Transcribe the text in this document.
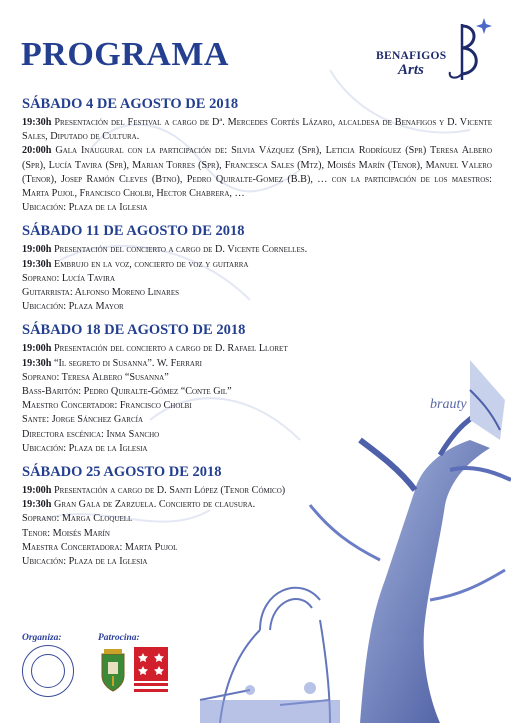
brauty
PROGRAMA	BENAFIGOS
Arts
SÁBADO 4 DE AGOSTO DE 2018
19:30h Presentación del Festival a cargo de Dª. Mercedes Cortés Lázaro, alcaldesa de Benafigos y D. Vicente Sales, Diputado de Cultura.
20:00h Gala Inaugural con la participación de: Silvia Vázquez (Spr), Leticia Rodríguez (Spr) Teresa Albero (Spr), Lucía Tavira (Spr), Marian Torres (Spr), Francesca Sales (Mtz), Moisés Marín (Tenor), Manuel Valero (Tenor), Josep Ramón Cleves (Btno), Pedro Quiralte-Gomez (B.B), … con la participación de los maestros: Marta Pujol, Francisco Cholbi, Hector Chabrera, …
Ubicación: Plaza de la Iglesia
SÁBADO 11 DE AGOSTO DE 2018
19:00h Presentación del concierto a cargo de D. Vicente Cornelles.
19:30h Embrujo en la voz, concierto de voz y guitarra
Soprano: Lucía Tavira
Guitarrista: Alfonso Moreno Linares
Ubicación: Plaza Mayor
SÁBADO 18 DE AGOSTO DE 2018
19:00h Presentación del concierto a cargo de D. Rafael Lloret
19:30h “Il segreto di Susanna”. W. Ferrari
Soprano: Teresa Albero “Susanna”
Bass-Baritón: Pedro Quiralte-Gómez “Conte Gil”
Maestro Concertador: Francisco Cholbi
Sante: Jorge Sánchez García
Directora escénica: Inma Sancho
Ubicación: Plaza de la Iglesia
SÁBADO 25 AGOSTO DE 2018
19:00h Presentación a cargo de D. Santi López (Tenor Cómico)
19:30h Gran Gala de Zarzuela. Concierto de clausura.
Soprano: Marga Cloquell
Tenor: Moisés Marín
Maestra Concertadora: Marta Pujol
Ubicación: Plaza de la Iglesia
Organiza:	Patrocina:
